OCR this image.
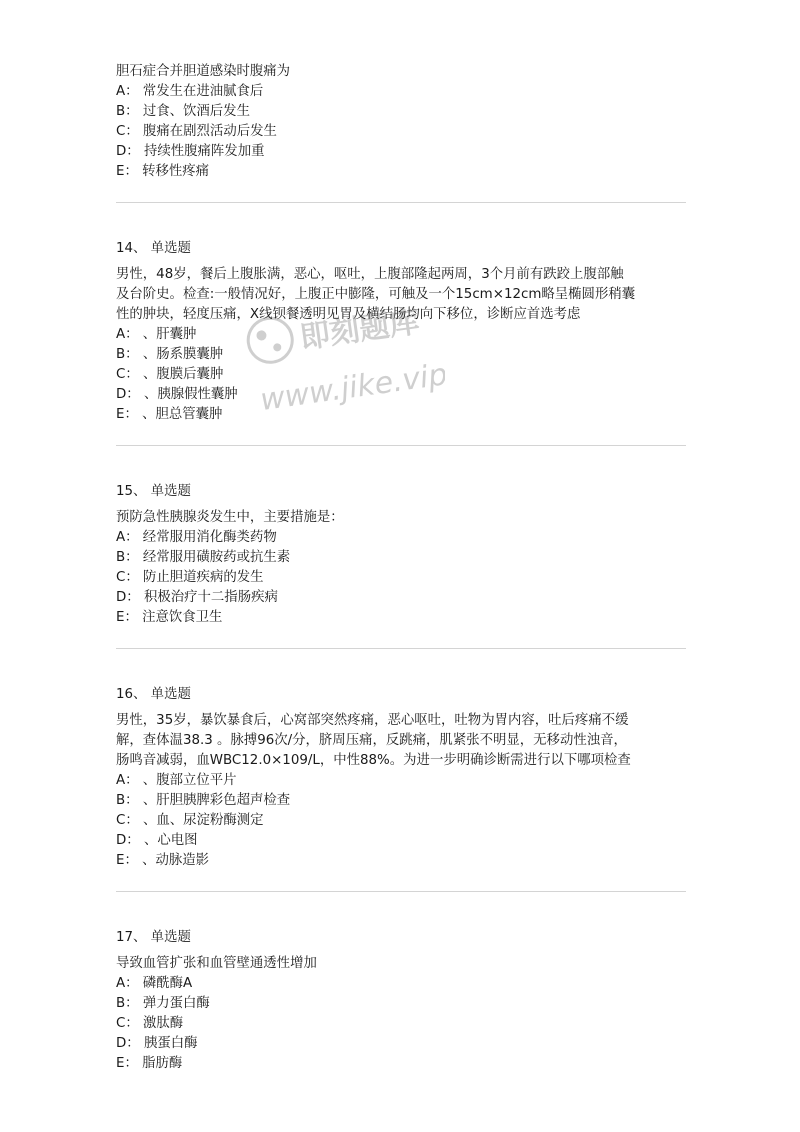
胆石症合并胆道感染时腹痛为
A： 常发生在进油腻食后
B： 过食、饮酒后发生
C： 腹痛在剧烈活动后发生
D： 持续性腹痛阵发加重
E： 转移性疼痛
14、 单选题
男性，48岁，餐后上腹胀满，恶心，呕吐，上腹部隆起两周，3个月前有跌跤上腹部触
及台阶史。检查:一般情况好，上腹正中膨隆，可触及一个15cm×12cm略呈椭圆形稍囊
性的肿块，轻度压痛，X线钡餐透明见胃及横结肠均向下移位，诊断应首选考虑
A： 、肝囊肿
B： 、肠系膜囊肿
C： 、腹膜后囊肿
D： 、胰腺假性囊肿
E： 、胆总管囊肿
15、 单选题
预防急性胰腺炎发生中，主要措施是：
A： 经常服用消化酶类药物
B： 经常服用磺胺药或抗生素
C： 防止胆道疾病的发生
D： 积极治疗十二指肠疾病
E： 注意饮食卫生
16、 单选题
男性，35岁，暴饮暴食后，心窝部突然疼痛，恶心呕吐，吐物为胃内容，吐后疼痛不缓
解，查体温38.3 。脉搏96次/分，脐周压痛，反跳痛，肌紧张不明显，无移动性浊音，
肠鸣音减弱，血WBC12.0×109/L，中性88%。为进一步明确诊断需进行以下哪项检查
A： 、腹部立位平片
B： 、肝胆胰脾彩色超声检查
C： 、血、尿淀粉酶测定
D： 、心电图
E： 、动脉造影
17、 单选题
导致血管扩张和血管壁通透性增加
A： 磷酰酶A
B： 弹力蛋白酶
C： 激肽酶
D： 胰蛋白酶
E： 脂肪酶
即刻题库
www.jike.vip
